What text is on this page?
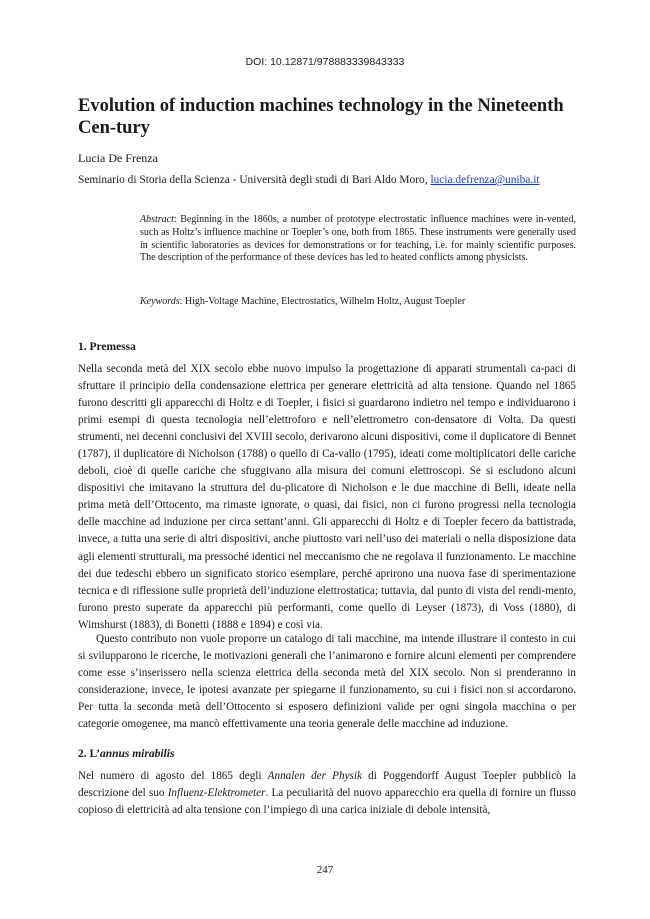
DOI: 10.12871/978883339843333
Evolution of induction machines technology in the Nineteenth Cen-tury
Lucia De Frenza
Seminario di Storia della Scienza - Università degli studi di Bari Aldo Moro, lucia.defrenza@uniba.it

Abstract: Beginning in the 1860s, a number of prototype electrostatic influence machines were in-vented, such as Holtz’s influence machine or Toepler’s one, both from 1865. These instruments were generally used in scientific laboratories as devices for demonstrations or for teaching, i.e. for mainly scientific purposes. The description of the performance of these devices has led to heated conflicts among physicists.

Keywords: High-Voltage Machine, Electrostatics, Wilhelm Holtz, August Toepler

1. Premessa

Nella seconda metà del XIX secolo ebbe nuovo impulso la progettazione di apparati strumentali ca-paci di sfruttare il principio della condensazione elettrica per generare elettricità ad alta tensione. Quando nel 1865 furono descritti gli apparecchi di Holtz e di Toepler, i fisici si guardarono indietro nel tempo e individuarono i primi esempi di questa tecnologia nell’elettroforo e nell’elettrometro con-densatore di Volta. Da questi strumenti, nei decenni conclusivi del XVIII secolo, derivarono alcuni dispositivi, come il duplicatore di Bennet (1787), il duplicatore di Nicholson (1788) o quello di Ca-vallo (1795), ideati come moltiplicatori delle cariche deboli, cioè di quelle cariche che sfuggivano alla misura dei comuni elettroscopi. Se si escludono alcuni dispositivi che imitavano la struttura del du-plicatore di Nicholson e le due macchine di Belli, ideate nella prima metà dell’Ottocento, ma rimaste ignorate, o quasi, dai fisici, non ci furono progressi nella tecnologia delle macchine ad induzione per circa settant’anni. Gli apparecchi di Holtz e di Toepler fecero da battistrada, invece, a tutta una serie di altri dispositivi, anche piuttosto vari nell’uso dei materiali o nella disposizione data agli elementi strutturali, ma pressoché identici nel meccanismo che ne regolava il funzionamento. Le macchine dei due tedeschi ebbero un significato storico esemplare, perché aprirono una nuova fase di sperimentazione tecnica e di riflessione sulle proprietà dell’induzione elettrostatica; tuttavia, dal punto di vista del rendi-mento, furono presto superate da apparecchi più performanti, come quello di Leyser (1873), di Voss (1880), di Wimshurst (1883), di Bonetti (1888 e 1894) e così via.

Questo contributo non vuole proporre un catalogo di tali macchine, ma intende illustrare il contesto in cui si svilupparono le ricerche, le motivazioni generali che l’animarono e fornire alcuni elementi per comprendere come esse s’inserissero nella scienza elettrica della seconda metà del XIX secolo. Non si prenderanno in considerazione, invece, le ipotesi avanzate per spiegarne il funzionamento, su cui i fisici non si accordarono. Per tutta la seconda metà dell’Ottocento si esposero definizioni valide per ogni singola macchina o per categorie omogenee, ma mancò effettivamente una teoria generale delle macchine ad induzione.

2. L’annus mirabilis

Nel numero di agosto del 1865 degli Annalen der Physik di Poggendorff August Toepler pubblicò la descrizione del suo Influenz-Elektrometer. La peculiarità del nuovo apparecchio era quella di fornire un flusso copioso di elettricità ad alta tensione con l’impiego di una carica iniziale di debole intensità,

247
